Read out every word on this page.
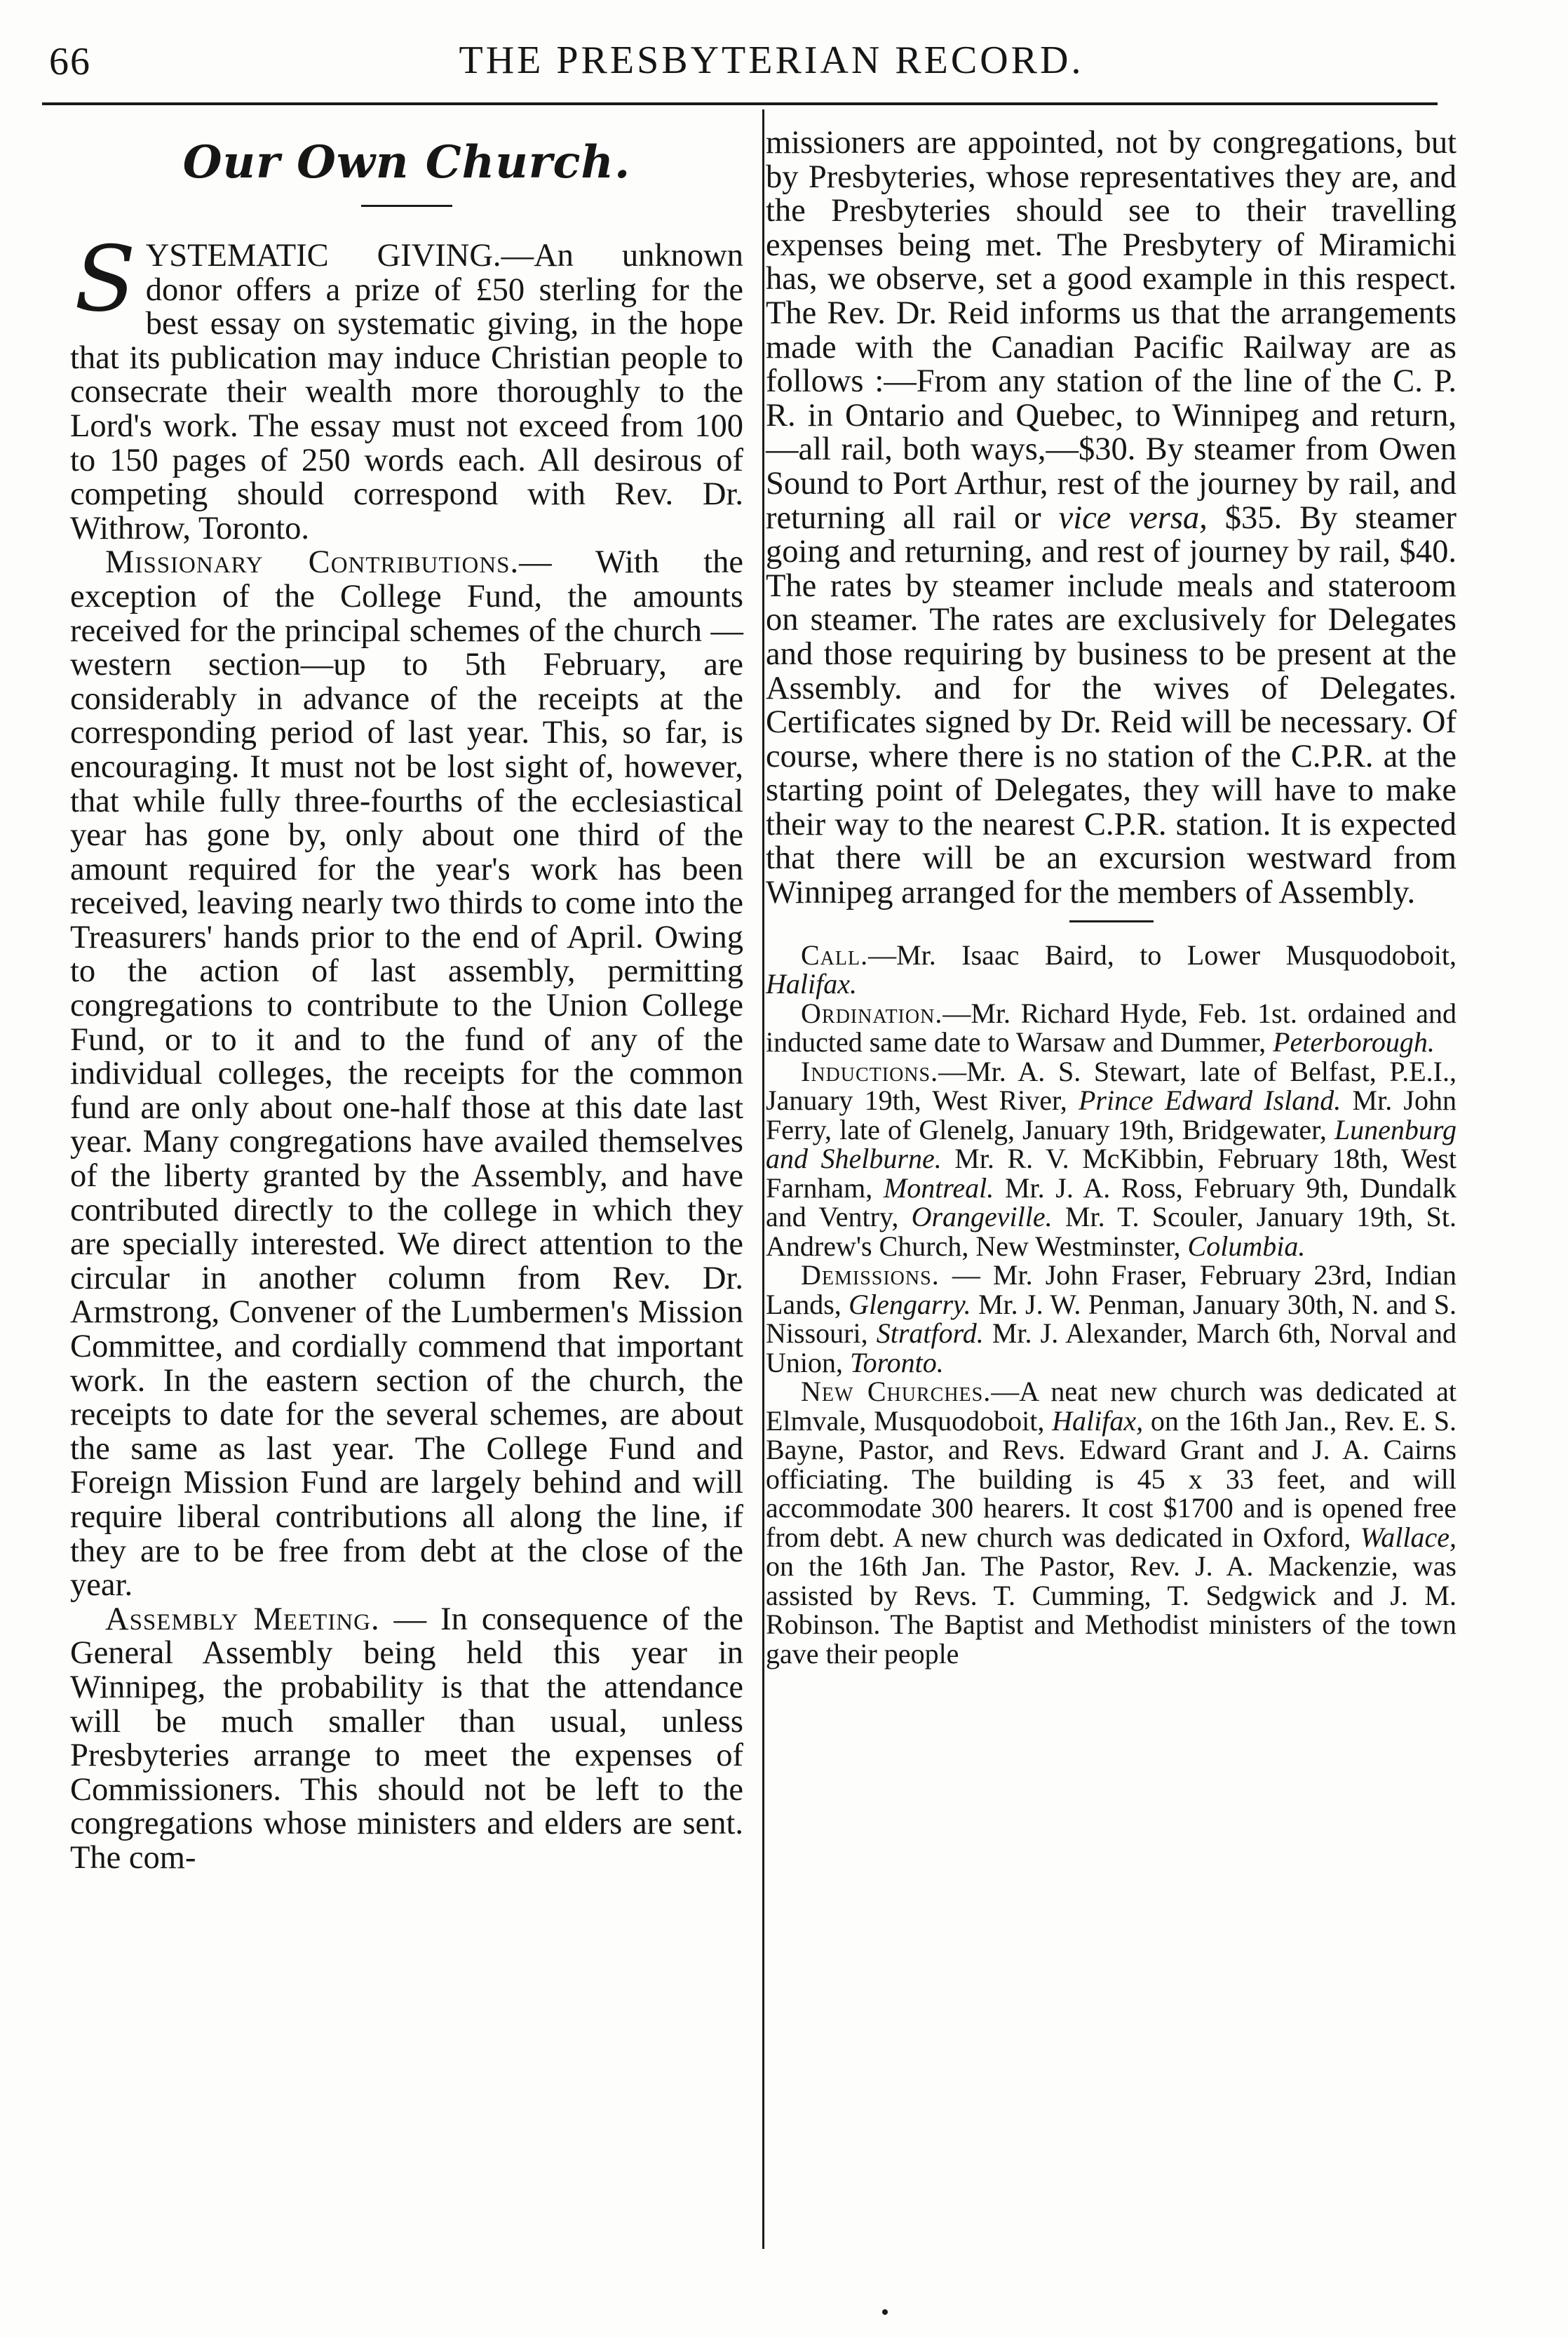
66	THE PRESBYTERIAN RECORD.
Our Own Church.

SYSTEMATIC GIVING.—An unknown donor offers a prize of £50 sterling for the best essay on systematic giving, in the hope that its publication may induce Christian people to consecrate their wealth more thoroughly to the Lord's work. The essay must not exceed from 100 to 150 pages of 250 words each. All desirous of competing should correspond with Rev. Dr. Withrow, Toronto.

Missionary Contributions.— With the exception of the College Fund, the amounts received for the principal schemes of the church — western section—up to 5th February, are considerably in advance of the receipts at the corresponding period of last year. This, so far, is encouraging. It must not be lost sight of, however, that while fully three-fourths of the ecclesiastical year has gone by, only about one third of the amount required for the year's work has been received, leaving nearly two thirds to come into the Treasurers' hands prior to the end of April. Owing to the action of last assembly, permitting congregations to contribute to the Union College Fund, or to it and to the fund of any of the individual colleges, the receipts for the common fund are only about one-half those at this date last year. Many congregations have availed themselves of the liberty granted by the Assembly, and have contributed directly to the college in which they are specially interested. We direct attention to the circular in another column from Rev. Dr. Armstrong, Convener of the Lumbermen's Mission Committee, and cordially commend that important work. In the eastern section of the church, the receipts to date for the several schemes, are about the same as last year. The College Fund and Foreign Mission Fund are largely behind and will require liberal contributions all along the line, if they are to be free from debt at the close of the year.

Assembly Meeting. — In consequence of the General Assembly being held this year in Winnipeg, the probability is that the attendance will be much smaller than usual, unless Presbyteries arrange to meet the expenses of Commissioners. This should not be left to the congregations whose ministers and elders are sent. The com-

missioners are appointed, not by congregations, but by Presbyteries, whose representatives they are, and the Presbyteries should see to their travelling expenses being met. The Presbytery of Miramichi has, we observe, set a good example in this respect. The Rev. Dr. Reid informs us that the arrangements made with the Canadian Pacific Railway are as follows :—From any station of the line of the C. P. R. in Ontario and Quebec, to Winnipeg and return,—all rail, both ways,—$30. By steamer from Owen Sound to Port Arthur, rest of the journey by rail, and returning all rail or vice versa, $35. By steamer going and returning, and rest of journey by rail, $40. The rates by steamer include meals and stateroom on steamer. The rates are exclusively for Delegates and those requiring by business to be present at the Assembly. and for the wives of Delegates. Certificates signed by Dr. Reid will be necessary. Of course, where there is no station of the C.P.R. at the starting point of Delegates, they will have to make their way to the nearest C.P.R. station. It is expected that there will be an excursion westward from Winnipeg arranged for the members of Assembly.

Call.—Mr. Isaac Baird, to Lower Musquodoboit, Halifax.

Ordination.—Mr. Richard Hyde, Feb. 1st. ordained and inducted same date to Warsaw and Dummer, Peterborough.

Inductions.—Mr. A. S. Stewart, late of Belfast, P.E.I., January 19th, West River, Prince Edward Island. Mr. John Ferry, late of Glenelg, January 19th, Bridgewater, Lunenburg and Shelburne. Mr. R. V. McKibbin, February 18th, West Farnham, Montreal. Mr. J. A. Ross, February 9th, Dundalk and Ventry, Orangeville. Mr. T. Scouler, January 19th, St. Andrew's Church, New Westminster, Columbia.

Demissions. — Mr. John Fraser, February 23rd, Indian Lands, Glengarry. Mr. J. W. Penman, January 30th, N. and S. Nissouri, Stratford. Mr. J. Alexander, March 6th, Norval and Union, Toronto.

New Churches.—A neat new church was dedicated at Elmvale, Musquodoboit, Halifax, on the 16th Jan., Rev. E. S. Bayne, Pastor, and Revs. Edward Grant and J. A. Cairns officiating. The building is 45 x 33 feet, and will accommodate 300 hearers. It cost $1700 and is opened free from debt. A new church was dedicated in Oxford, Wallace, on the 16th Jan. The Pastor, Rev. J. A. Mackenzie, was assisted by Revs. T. Cumming, T. Sedgwick and J. M. Robinson. The Baptist and Methodist ministers of the town gave their people
